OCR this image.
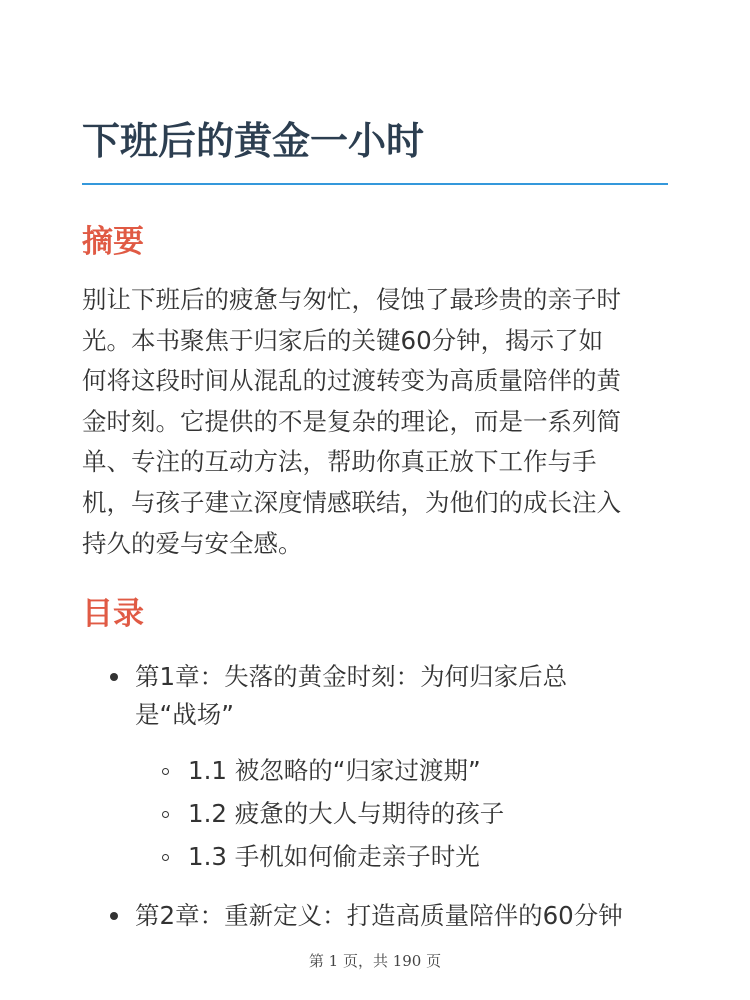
下班后的黄金一小时
摘要

别让下班后的疲惫与匆忙，侵蚀了最珍贵的亲子时
光。本书聚焦于归家后的关键60分钟，揭示了如
何将这段时间从混乱的过渡转变为高质量陪伴的黄
金时刻。它提供的不是复杂的理论，而是一系列简
单、专注的互动方法，帮助你真正放下工作与手
机，与孩子建立深度情感联结，为他们的成长注入
持久的爱与安全感。

目录
第1章：失落的黄金时刻：为何归家后总
是“战场”
1.1 被忽略的“归家过渡期”
1.2 疲惫的大人与期待的孩子
1.3 手机如何偷走亲子时光
第2章：重新定义：打造高质量陪伴的60分钟
第 1 页，共 190 页
